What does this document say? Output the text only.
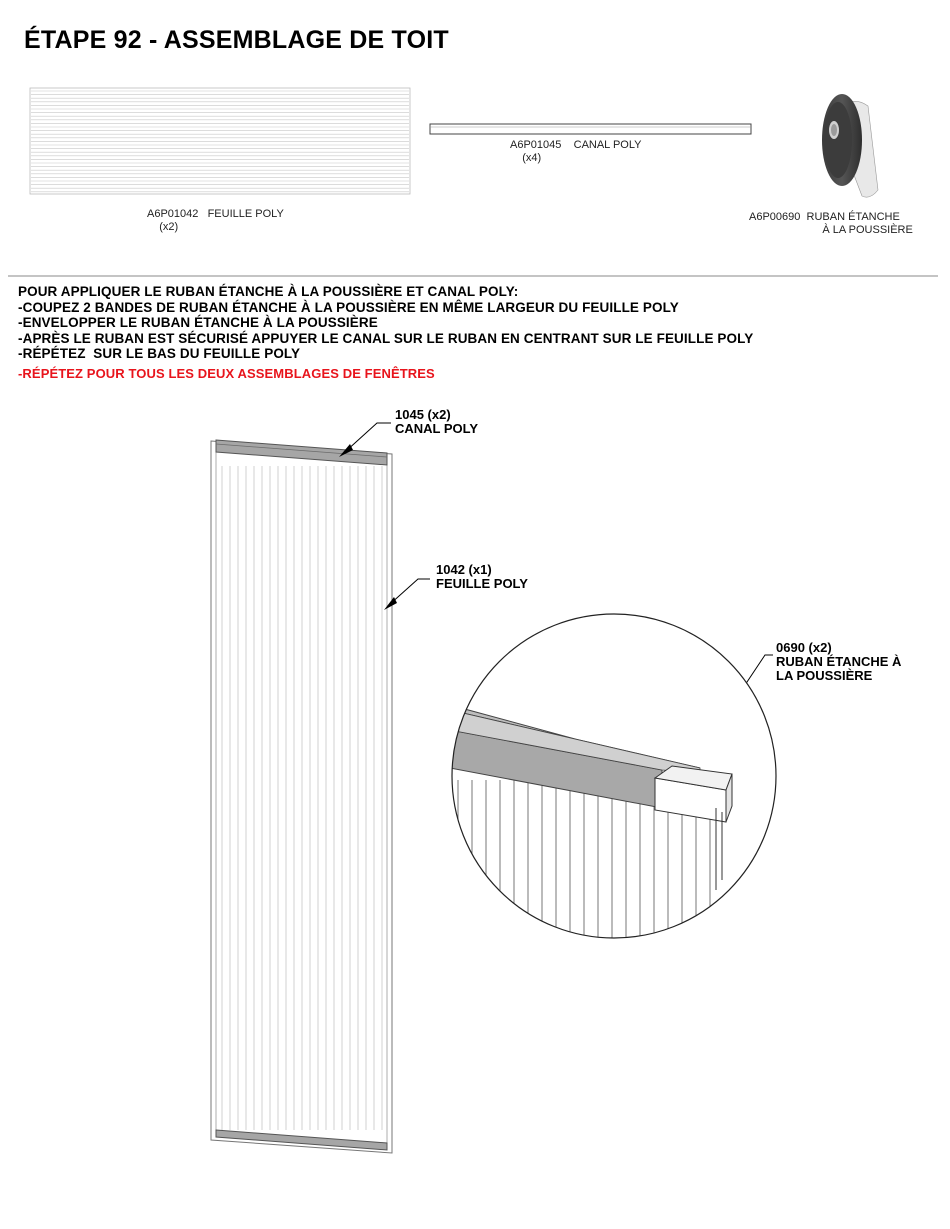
ÉTAPE 92 - ASSEMBLAGE DE TOIT
A6P01042 FEUILLE POLY
(x2)
A6P01045 CANAL POLY
(x4)
A6P00690 RUBAN ÉTANCHE
À LA POUSSIÈRE
POUR APPLIQUER LE RUBAN ÉTANCHE À LA POUSSIÈRE ET CANAL POLY:
-COUPEZ 2 BANDES DE RUBAN ÉTANCHE À LA POUSSIÈRE EN MÊME LARGEUR DU FEUILLE POLY
-ENVELOPPER LE RUBAN ÉTANCHE À LA POUSSIÈRE
-APRÈS LE RUBAN EST SÉCURISÉ APPUYER LE CANAL SUR LE RUBAN EN CENTRANT SUR LE FEUILLE POLY
-RÉPÉTEZ  SUR LE BAS DU FEUILLE POLY
-RÉPÉTEZ POUR TOUS LES DEUX ASSEMBLAGES DE FENÊTRES
1045 (x2)
CANAL POLY
1042 (x1)
FEUILLE POLY
0690 (x2)
RUBAN ÉTANCHE À
LA POUSSIÈRE
